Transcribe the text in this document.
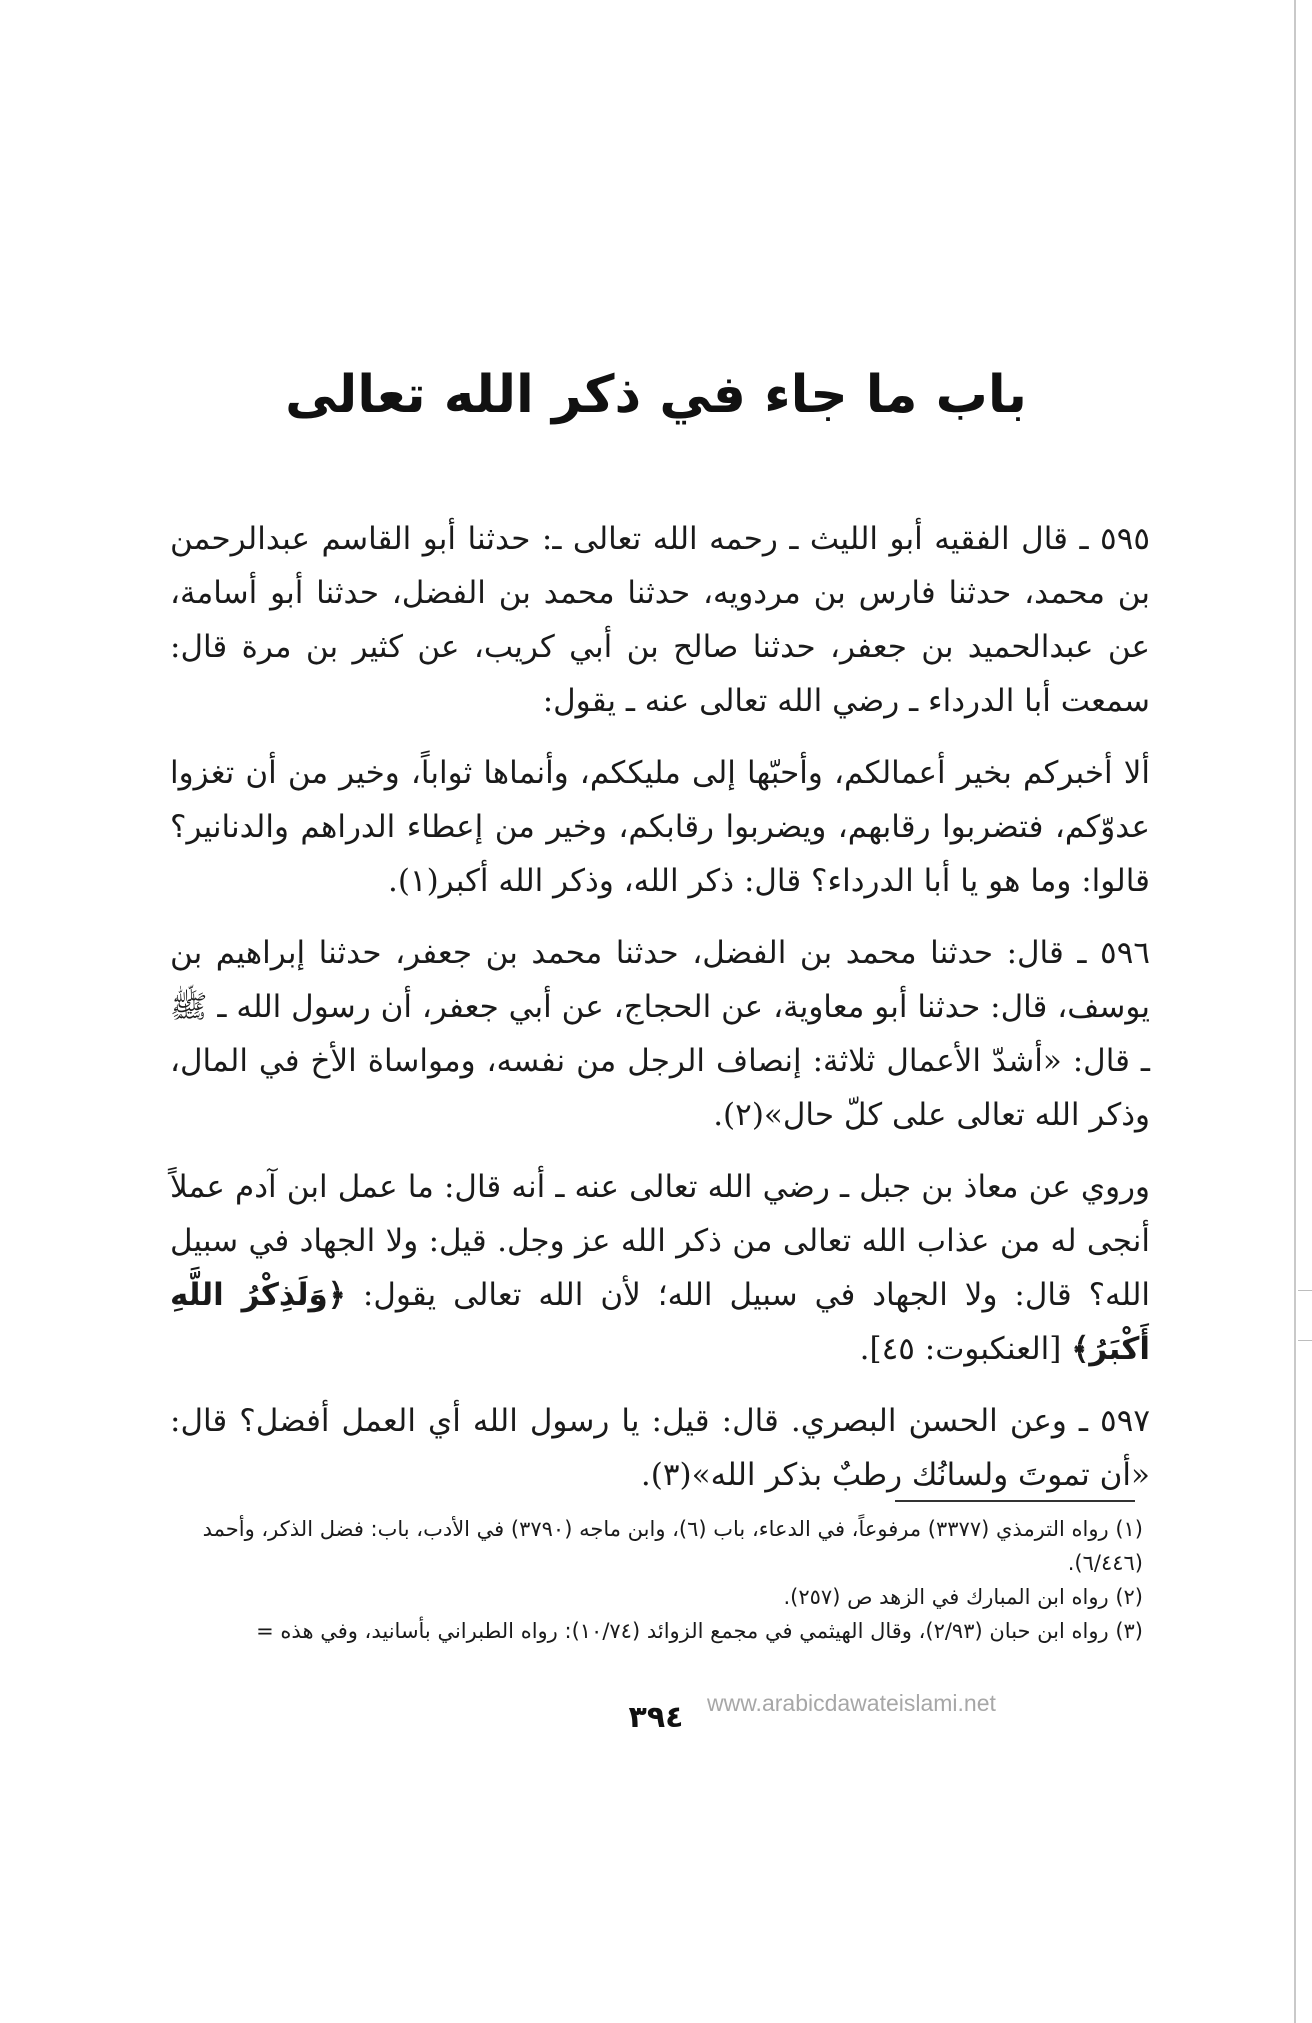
باب ما جاء في ذكر الله تعالى

٥٩٥ ـ قال الفقيه أبو الليث ـ رحمه الله تعالى ـ: حدثنا أبو القاسم عبدالرحمن بن محمد، حدثنا فارس بن مردويه، حدثنا محمد بن الفضل، حدثنا أبو أسامة، عن عبدالحميد بن جعفر، حدثنا صالح بن أبي كريب، عن كثير بن مرة قال: سمعت أبا الدرداء ـ رضي الله تعالى عنه ـ يقول:

ألا أخبركم بخير أعمالكم، وأحبّها إلى مليككم، وأنماها ثواباً، وخير من أن تغزوا عدوّكم، فتضربوا رقابهم، ويضربوا رقابكم، وخير من إعطاء الدراهم والدنانير؟ قالوا: وما هو يا أبا الدرداء؟ قال: ذكر الله، وذكر الله أكبر(١).

٥٩٦ ـ قال: حدثنا محمد بن الفضل، حدثنا محمد بن جعفر، حدثنا إبراهيم بن يوسف، قال: حدثنا أبو معاوية، عن الحجاج، عن أبي جعفر، أن رسول الله ـ ﷺ ـ قال: «أشدّ الأعمال ثلاثة: إنصاف الرجل من نفسه، ومواساة الأخ في المال، وذكر الله تعالى على كلّ حال»(٢).

وروي عن معاذ بن جبل ـ رضي الله تعالى عنه ـ أنه قال: ما عمل ابن آدم عملاً أنجى له من عذاب الله تعالى من ذكر الله عز وجل. قيل: ولا الجهاد في سبيل الله؟ قال: ولا الجهاد في سبيل الله؛ لأن الله تعالى يقول: ﴿وَلَذِكْرُ اللَّهِ أَكْبَرُ﴾ [العنكبوت: ٤٥].

٥٩٧ ـ وعن الحسن البصري. قال: قيل: يا رسول الله أي العمل أفضل؟ قال: «أن تموتَ ولسانُك رطبٌ بذكر الله»(٣).

(١) رواه الترمذي (٣٣٧٧) مرفوعاً، في الدعاء، باب (٦)، وابن ماجه (٣٧٩٠) في الأدب، باب: فضل الذكر، وأحمد (٦/٤٤٦).

(٢) رواه ابن المبارك في الزهد ص (٢٥٧).

(٣) رواه ابن حبان (٢/٩٣)، وقال الهيثمي في مجمع الزوائد (١٠/٧٤): رواه الطبراني بأسانيد، وفي هذه =

www.arabicdawateislami.net
٣٩٤
